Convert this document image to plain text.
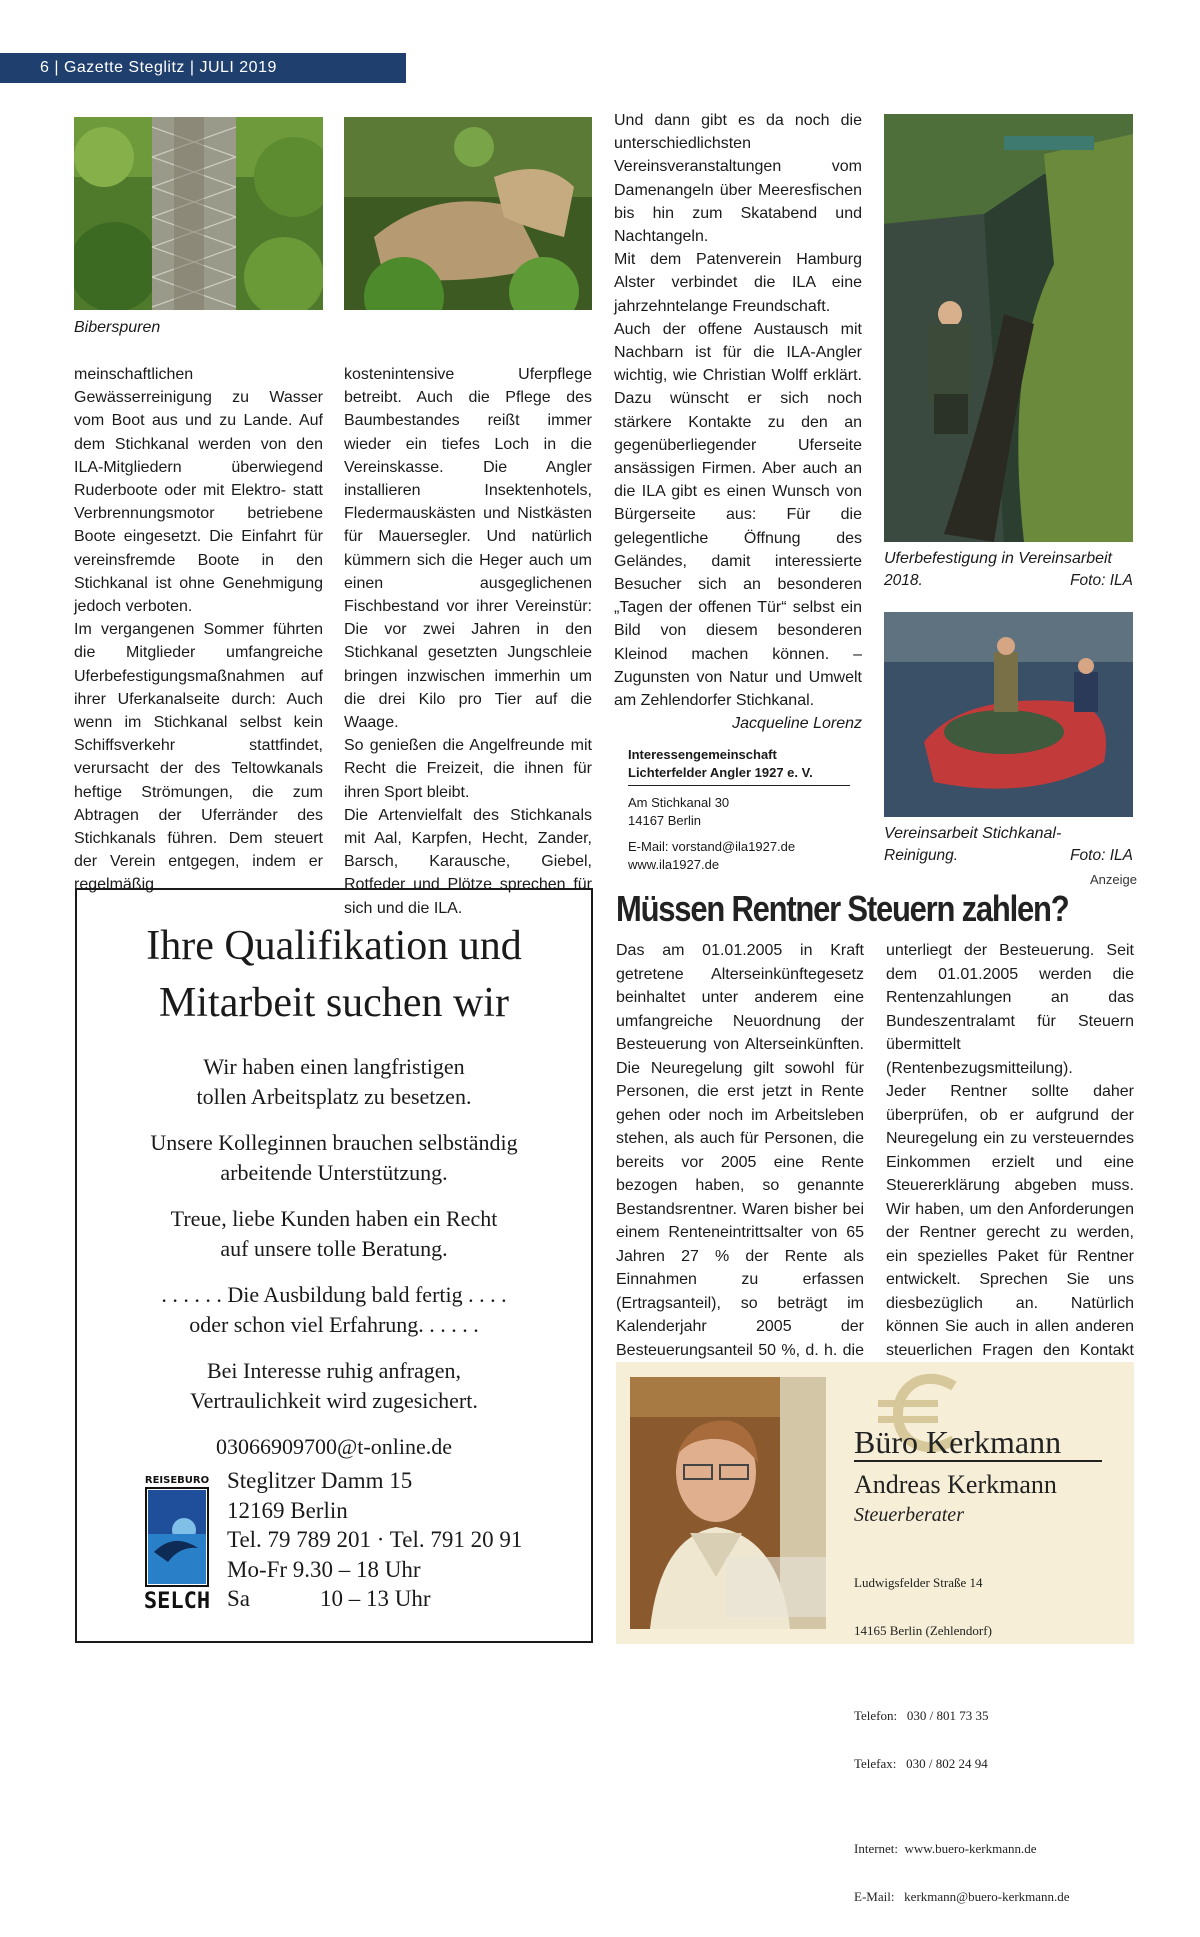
6 | Gazette Steglitz | JULI 2019
Biberspuren

meinschaftlichen Gewässerreinigung zu Wasser vom Boot aus und zu Lande. Auf dem Stichkanal werden von den ILA-Mitgliedern überwiegend Ruderboote oder mit Elektro- statt Verbrennungsmotor betriebene Boote eingesetzt. Die Einfahrt für vereinsfremde Boote in den Stichkanal ist ohne Genehmigung jedoch verboten.

Im vergangenen Sommer führten die Mitglieder umfangreiche Uferbefestigungsmaßnahmen auf ihrer Uferkanalseite durch: Auch wenn im Stichkanal selbst kein Schiffsverkehr stattfindet, verursacht der des Teltowkanals heftige Strömungen, die zum Abtragen der Uferränder des Stichkanals führen. Dem steuert der Verein entgegen, indem er regelmäßig

kostenintensive Uferpflege betreibt. Auch die Pflege des Baumbestandes reißt immer wieder ein tiefes Loch in die Vereinskasse. Die Angler installieren Insektenhotels, Fledermauskästen und Nistkästen für Mauersegler. Und natürlich kümmern sich die Heger auch um einen ausgeglichenen Fischbestand vor ihrer Vereinstür: Die vor zwei Jahren in den Stichkanal gesetzten Jungschleie bringen inzwischen immerhin um die drei Kilo pro Tier auf die Waage.

So genießen die Angelfreunde mit Recht die Freizeit, die ihnen für ihren Sport bleibt.

Die Artenvielfalt des Stichkanals mit Aal, Karpfen, Hecht, Zander, Barsch, Karausche, Giebel, Rotfeder und Plötze sprechen für sich und die ILA.

Und dann gibt es da noch die unterschiedlichsten Vereinsveranstaltungen vom Damenangeln über Meeresfischen bis hin zum Skatabend und Nachtangeln.

Mit dem Patenverein Hamburg Alster verbindet die ILA eine jahrzehntelange Freundschaft.

Auch der offene Austausch mit Nachbarn ist für die ILA-Angler wichtig, wie Christian Wolff erklärt. Dazu wünscht er sich noch stärkere Kontakte zu den an gegenüberliegender Uferseite ansässigen Firmen. Aber auch an die ILA gibt es einen Wunsch von Bürgerseite aus: Für die gelegentliche Öffnung des Geländes, damit interessierte Besucher sich an besonderen „Tagen der offenen Tür“ selbst ein Bild von diesem besonderen Kleinod machen können. – Zugunsten von Natur und Umwelt am Zehlendorfer Stichkanal.

Jacqueline Lorenz

Interessengemeinschaft
Lichterfelder Angler 1927 e. V.
Am Stichkanal 30
14167 Berlin
E-Mail: vorstand@ila1927.de
www.ila1927.de
Uferbefestigung in Vereinsarbeit
2018.	Foto: ILA
Vereinsarbeit Stichkanal-
Reinigung.	Foto: ILA
Ihre Qualifikation und
Mitarbeit suchen wir
Wir haben einen langfristigen
tollen Arbeitsplatz zu besetzen.
Unsere Kolleginnen brauchen selbständig
arbeitende Unterstützung.
Treue, liebe Kunden haben ein Recht
auf unsere tolle Beratung.
. . . . . . Die Ausbildung bald fertig . . . .
oder schon viel Erfahrung. . . . . .
Bei Interesse ruhig anfragen,
Vertraulichkeit wird zugesichert.
03066909700@t-online.de
REISEBURO
SELCH
Steglitzer Damm 15
12169 Berlin
Tel. 79 789 201 · Tel. 791 20 91
Mo-Fr 9.30 – 18 Uhr
Sa	10 – 13 Uhr
Anzeige
Müssen Rentner Steuern zahlen?

Das am 01.01.2005 in Kraft getretene Alterseinkünftegesetz beinhaltet unter anderem eine umfangreiche Neuordnung der Besteuerung von Alterseinkünften. Die Neuregelung gilt sowohl für Personen, die erst jetzt in Rente gehen oder noch im Arbeitsleben stehen, als auch für Personen, die bereits vor 2005 eine Rente bezogen haben, so genannte Bestandsrentner. Waren bisher bei einem Renteneintrittsalter von 65 Jahren 27 % der Rente als Einnahmen zu erfassen (Ertragsanteil), so beträgt im Kalenderjahr 2005 der Besteuerungsanteil 50 %, d. h. die

unterliegt der Besteuerung. Seit dem 01.01.2005 werden die Rentenzahlungen an das Bundeszentralamt für Steuern übermittelt (Rentenbezugsmitteilung).

Jeder Rentner sollte daher überprüfen, ob er aufgrund der Neuregelung ein zu versteuerndes Einkommen erzielt und eine Steuererklärung abgeben muss. Wir haben, um den Anforderungen der Rentner gerecht zu werden, ein spezielles Paket für Rentner entwickelt. Sprechen Sie uns diesbezüglich an. Natürlich können Sie auch in allen anderen steuerlichen Fragen den Kontakt

Büro Kerkmann
Andreas Kerkmann
Steuerberater

Ludwigsfelder Straße 14

14165 Berlin (Zehlendorf)

Telefon:   030 / 801 73 35

Telefax:   030 / 802 24 94

Internet:  www.buero-kerkmann.de

E-Mail:   kerkmann@buero-kerkmann.de
